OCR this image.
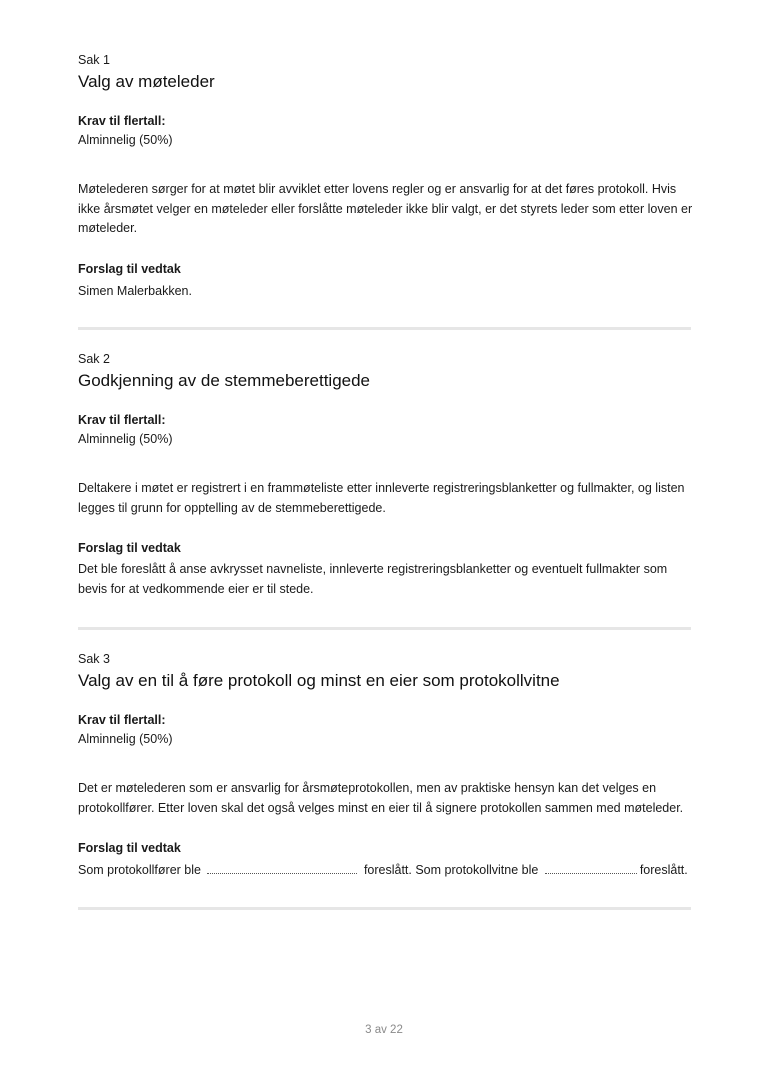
Sak 1
Valg av møteleder
Krav til flertall:
Alminnelig (50%)
Møtelederen sørger for at møtet blir avviklet etter lovens regler og er ansvarlig for at det føres protokoll. Hvis ikke årsmøtet velger en møteleder eller forslåtte møteleder ikke blir valgt, er det styrets leder som etter loven er møteleder.
Forslag til vedtak
Simen Malerbakken.
Sak 2
Godkjenning av de stemmeberettigede
Krav til flertall:
Alminnelig (50%)
Deltakere i møtet er registrert i en frammøteliste etter innleverte registreringsblanketter og fullmakter, og listen legges til grunn for opptelling av de stemmeberettigede.
Forslag til vedtak
Det ble foreslått å anse avkrysset navneliste, innleverte registreringsblanketter og eventuelt fullmakter som bevis for at vedkommende eier er til stede.
Sak 3
Valg av en til å føre protokoll og minst en eier som protokollvitne
Krav til flertall:
Alminnelig (50%)
Det er møtelederen som er ansvarlig for årsmøteprotokollen, men av praktiske hensyn kan det velges en protokollfører. Etter loven skal det også velges minst en eier til å signere protokollen sammen med møteleder.
Forslag til vedtak
Som protokollfører ble	foreslått. Som protokollvitne ble	foreslått.
3 av 22
